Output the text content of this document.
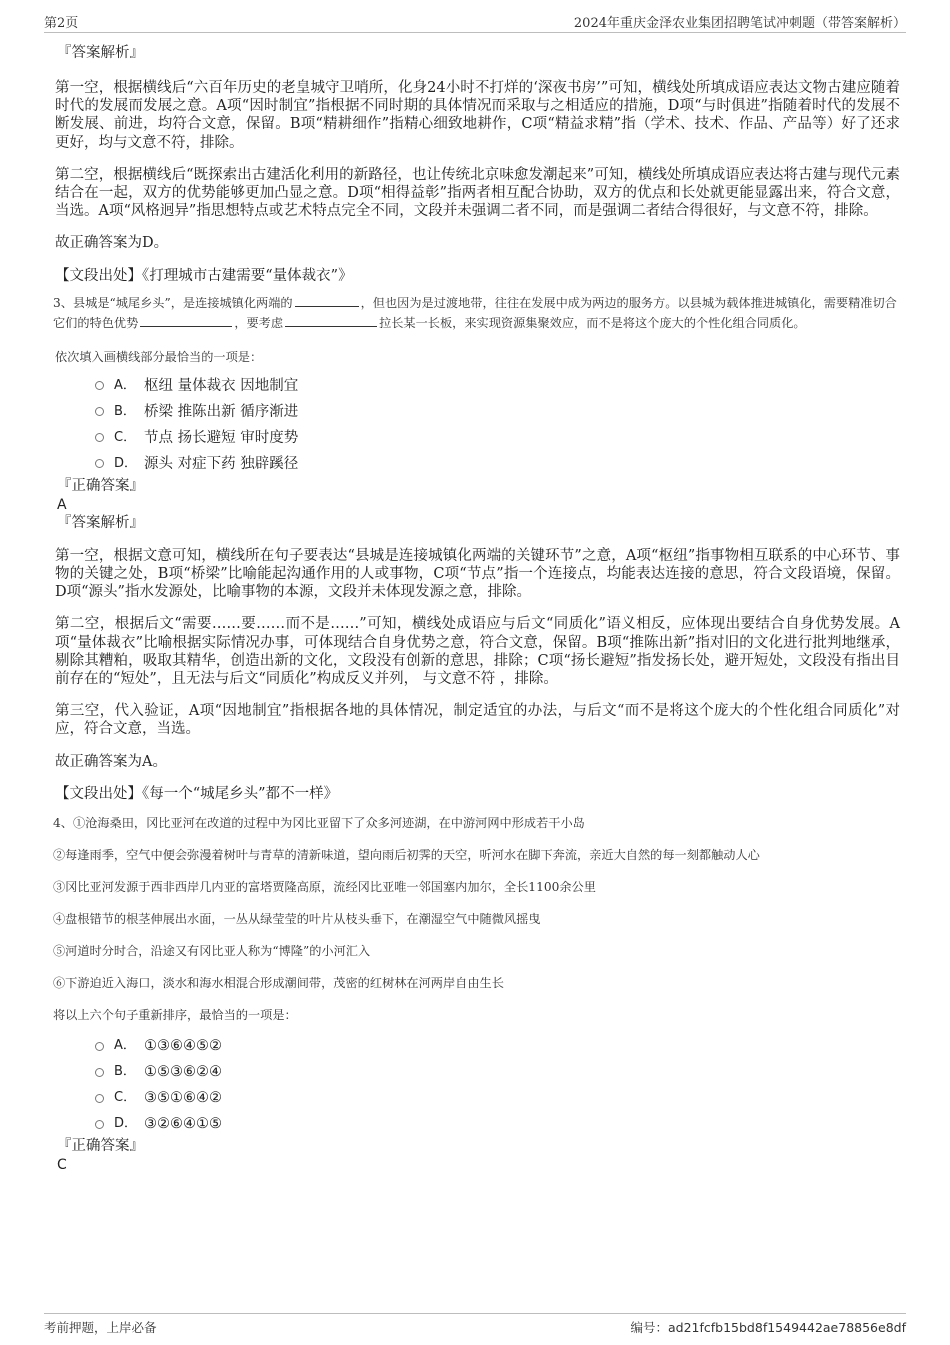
第2页	2024年重庆金泽农业集团招聘笔试冲刺题（带答案解析）
『答案解析』

第一空，根据横线后“六百年历史的老皇城守卫哨所，化身24小时不打烊的‘深夜书房’”可知，横线处所填成语应表达文物古建应随着时代的发展而发展之意。A项“因时制宜”指根据不同时期的具体情况而采取与之相适应的措施，D项“与时俱进”指随着时代的发展不断发展、前进，均符合文意，保留。B项“精耕细作”指精心细致地耕作，C项“精益求精”指（学术、技术、作品、产品等）好了还求更好，均与文意不符，排除。

第二空，根据横线后“既探索出古建活化利用的新路径，也让传统北京味愈发潮起来”可知，横线处所填成语应表达将古建与现代元素结合在一起，双方的优势能够更加凸显之意。D项“相得益彰”指两者相互配合协助，双方的优点和长处就更能显露出来，符合文意，当选。A项“风格迥异”指思想特点或艺术特点完全不同，文段并未强调二者不同，而是强调二者结合得很好，与文意不符，排除。

故正确答案为D。

【文段出处】《打理城市古建需要“量体裁衣”》

3、县城是“城尾乡头”，是连接城镇化两端的	，但也因为是过渡地带，往往在发展中成为两边的服务方。以县城为载体推进城镇化，需要精准切合它们的特色优势	，要考虑	拉长某一长板，来实现资源集聚效应，而不是将这个庞大的个性化组合同质化。

依次填入画横线部分最恰当的一项是：

A． 枢纽 量体裁衣 因地制宜
B． 桥梁 推陈出新 循序渐进
C． 节点 扬长避短 审时度势
D． 源头 对症下药 独辟蹊径
『正确答案』
A
『答案解析』

第一空，根据文意可知，横线所在句子要表达“县城是连接城镇化两端的关键环节”之意，A项“枢纽”指事物相互联系的中心环节、事物的关键之处，B项“桥梁”比喻能起沟通作用的人或事物，C项“节点”指一个连接点，均能表达连接的意思，符合文段语境，保留。D项“源头”指水发源处，比喻事物的本源，文段并未体现发源之意，排除。

第二空，根据后文“需要……要……而不是……”可知，横线处成语应与后文“同质化”语义相反，应体现出要结合自身优势发展。A项“量体裁衣”比喻根据实际情况办事，可体现结合自身优势之意，符合文意，保留。B项“推陈出新”指对旧的文化进行批判地继承，剔除其糟粕，吸取其精华，创造出新的文化，文段没有创新的意思，排除；C项“扬长避短”指发扬长处，避开短处，文段没有指出目前存在的“短处”，且无法与后文“同质化”构成反义并列， 与文意不符 ，排除。

第三空，代入验证，A项“因地制宜”指根据各地的具体情况，制定适宜的办法，与后文“而不是将这个庞大的个性化组合同质化”对应，符合文意，当选。

故正确答案为A。

【文段出处】《每一个“城尾乡头”都不一样》

4、①沧海桑田，冈比亚河在改道的过程中为冈比亚留下了众多河迹湖，在中游河网中形成若干小岛

②每逢雨季，空气中便会弥漫着树叶与青草的清新味道，望向雨后初霁的天空，听河水在脚下奔流，亲近大自然的每一刻都触动人心

③冈比亚河发源于西非西岸几内亚的富塔贾隆高原，流经冈比亚唯一邻国塞内加尔，全长1100余公里

④盘根错节的根茎伸展出水面，一丛从绿莹莹的叶片从枝头垂下，在潮湿空气中随微风摇曳

⑤河道时分时合，沿途又有冈比亚人称为“博隆”的小河汇入

⑥下游迫近入海口，淡水和海水相混合形成潮间带，茂密的红树林在河两岸自由生长

将以上六个句子重新排序，最恰当的一项是：

A． ①③⑥④⑤②
B． ①⑤③⑥②④
C． ③⑤①⑥④②
D． ③②⑥④①⑤
『正确答案』
C
考前押题，上岸必备	编号：ad21fcfb15bd8f1549442ae78856e8df
